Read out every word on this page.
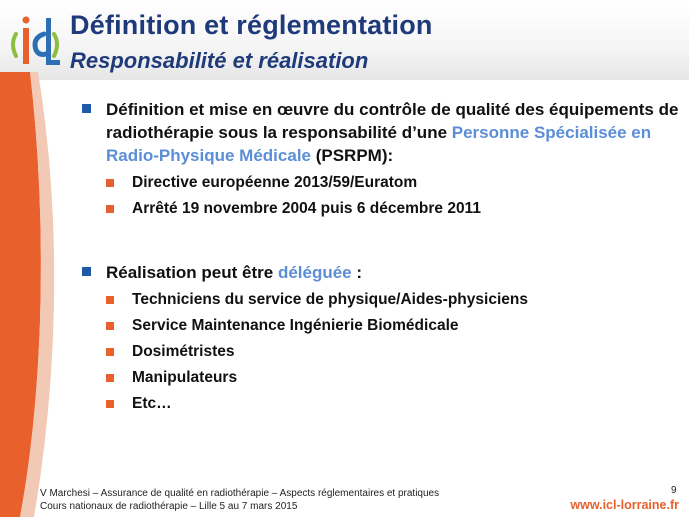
Définition et réglementation
Responsabilité et réalisation
Définition et mise en œuvre du contrôle de qualité des équipements de radiothérapie sous la responsabilité d’une Personne Spécialisée en Radio-Physique Médicale (PSRPM):
Directive européenne 2013/59/Euratom
Arrêté 19 novembre 2004 puis 6 décembre 2011
Réalisation peut être déléguée :
Techniciens du service de physique/Aides-physiciens
Service Maintenance Ingénierie Biomédicale
Dosimétristes
Manipulateurs
Etc…
V Marchesi – Assurance de qualité en radiothérapie – Aspects réglementaires et pratiques
Cours nationaux de radiothérapie – Lille 5 au 7 mars 2015
9
www.icl-lorraine.fr
